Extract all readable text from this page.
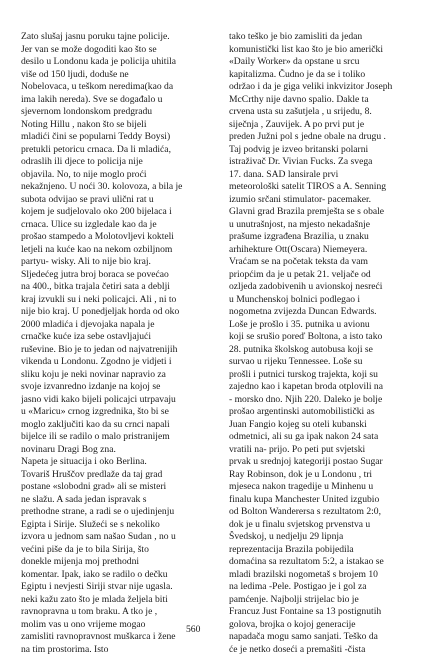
Zato slušaj jasnu poruku tajne policije.
Jer van se može dogoditi kao što se
desilo u Londonu kada je policija uhitila
više od 150 ljudi, doduše ne
Nobelovaca, u teškom neredima(kao da
ima lakih nereda). Sve se događalo u
sjevernom londonskom predgradu
Noting Hillu , nakon što se bijeli
mladići čini se popularni Teddy Boysi)
pretukli petoricu crnaca. Da li mladića,
odraslih ili djece to policija nije
objavila. No, to nije moglo proći
nekažnjeno. U noći 30. kolovoza, a bila je
subota odvijao se pravi ulični rat u
kojem je sudjelovalo oko 200 bijelaca i
crnaca. Ulice su izgledale kao da je
prošao stampedo a Molotovljevi kokteli
letjeli na kuće kao na nekom ozbiljnom
partyu- wisky. Ali to nije bio kraj.
Sljedećeg jutra broj boraca se povećao
na 400., bitka trajala četiri sata a deblji
kraj izvukli su i neki policajci. Ali , ni to
nije bio kraj. U ponedjeljak horda od oko
2000 mladića i djevojaka napala je
crnačke kuće iza sebe ostavljajući
ruševine. Bio je to jedan od najvatrenijih
vikenda u Londonu. Zgodno je vidjeti i
sliku koju je neki novinar napravio za
svoje izvanredno izdanje na kojoj se
jasno vidi kako bijeli policajci utrpavaju
u «Maricu» crnog izgrednika, što bi se
moglo zaključiti kao da su crnci napali
bijelce ili se radilo o malo pristranijem
novinaru Dragi Bog zna.
Napeta je situacija i oko Berlina.
Tovariš Hruščov predlaže da taj grad
postane «slobodni grad» ali se misteri
ne slažu. A sada jedan ispravak s
prethodne strane, a radi se o ujedinjenju
Egipta i Sirije. Služeći se s nekoliko
izvora u jednom sam našao Sudan , no u
većini piše da je to bila Sirija, što
donekle mijenja moj prethodni
komentar. Ipak, iako se radilo o dečku
Egiptu i nevjesti Siriji stvar nije ugasla.
neki kažu zato što je mlada željela biti
ravnopravna u tom braku. A tko je ,
molim vas u ono vrijeme mogao
zamisliti ravnopravnost muškarca i žene
na tim prostorima. Isto
tako teško je bio zamisliti da jedan
komunistički list kao što je bio američki
«Daily Worker» da opstane u srcu
kapitalizma. Čudno je da se i toliko
održao i da je giga veliki inkvizitor Joseph
McCrthy nije davno spalio. Dakle ta
crvena usta su zašutjela , u srijedu, 8.
siječnja , Zauvijek. A po prvi put je
preden Južni pol s jedne obale na drugu .
Taj podvig je izveo britanski polarni
istraživač Dr. Vivian Fucks. Za svega
17. dana. SAD lansirale prvi
meteorološki satelit TIROS a A. Senning
izumio srčani stimulator- pacemaker.
Glavni grad Brazila premješta se s obale
u unutrašnjost, na mjesto nekadašnje
prašume izgrađena Brazilia, u znaku
arhihekture Ott(Oscara) Niemeyera.
Vraćam se na početak teksta da vam
priopćim da je u petak 21. veljače od
ozljeda zadobivenih u avionskoj nesreći
u Munchenskoj bolnici podlegao i
nogometna zvijezda Duncan Edwards.
Loše je prošlo i 35. putnika u avionu
koji se srušio poreď Boltona, a isto tako
28. putnika školskog autobusa koji se
survao u rijeku Tennessee. Loše su
prošli i putnici turskog trajekta, koji su
zajedno kao i kapetan broda otplovili na
- morsko dno. Njih 220. Daleko je bolje
prošao argentinski automobilistički as
Juan Fangio kojeg su oteli kubanski
odmetnici, ali su ga ipak nakon 24 sata
vratili na- prijo. Po peti put svjetski
prvak u srednjoj kategoriji postao Sugar
Ray Robinson, dok je u Londonu , tri
mjeseca nakon tragedije u Minhenu u
finalu kupa Manchester United izgubio
od Bolton Wanderersa s rezultatom 2:0,
dok je u finalu svjetskog prvenstva u
Švedskoj, u nedjelju 29 lipnja
reprezentacija Brazila pobijedila
domaćina sa rezultatom 5:2, a istakao se
mladi brazilski nogometaš s brojem 10
na ledima -Pele. Postigao je i gol za
pamćenje. Najbolji strijelac bio je
Francuz Just Fontaine sa 13 postignutih
golova, brojka o kojoj generacije
napadača mogu samo sanjati. Teško da
će je netko doseći a premašiti -čista
560
